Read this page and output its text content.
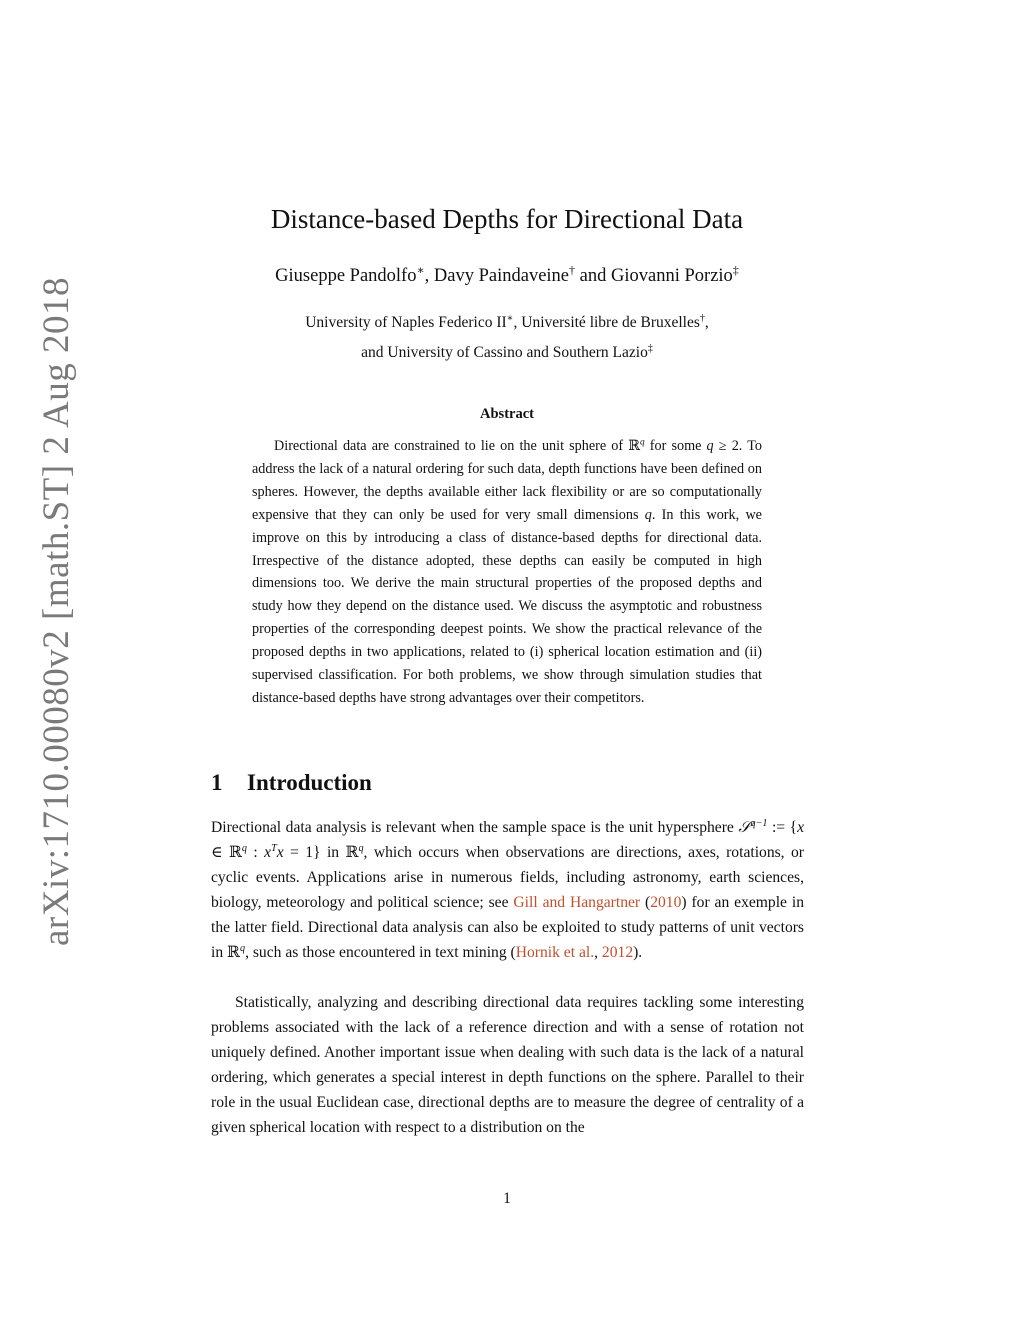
arXiv:1710.00080v2 [math.ST] 2 Aug 2018
Distance-based Depths for Directional Data
Giuseppe Pandolfo∗, Davy Paindaveine† and Giovanni Porzio‡
University of Naples Federico II∗, Université libre de Bruxelles†,
and University of Cassino and Southern Lazio‡
Abstract

Directional data are constrained to lie on the unit sphere of ℝ$^q$ for some q ≥ 2. To address the lack of a natural ordering for such data, depth functions have been defined on spheres. However, the depths available either lack flexibility or are so computationally expensive that they can only be used for very small dimensions q. In this work, we improve on this by introducing a class of distance-based depths for directional data. Irrespective of the distance adopted, these depths can easily be computed in high dimensions too. We derive the main structural properties of the proposed depths and study how they depend on the distance used. We discuss the asymptotic and robustness properties of the corresponding deepest points. We show the practical relevance of the proposed depths in two applications, related to (i) spherical location estimation and (ii) supervised classification. For both problems, we show through simulation studies that distance-based depths have strong advantages over their competitors.

1 Introduction

Directional data analysis is relevant when the sample space is the unit hypersphere 𝒮$^{q-1}$ := {x ∈ ℝ$^q$ : $x^Tx = 1$} in ℝ$^q$, which occurs when observations are directions, axes, rotations, or cyclic events. Applications arise in numerous fields, including astronomy, earth sciences, biology, meteorology and political science; see Gill and Hangartner (2010) for an exemple in the latter field. Directional data analysis can also be exploited to study patterns of unit vectors in ℝ$^q$, such as those encountered in text mining (Hornik et al., 2012).

Statistically, analyzing and describing directional data requires tackling some interesting problems associated with the lack of a reference direction and with a sense of rotation not uniquely defined. Another important issue when dealing with such data is the lack of a natural ordering, which generates a special interest in depth functions on the sphere. Parallel to their role in the usual Euclidean case, directional depths are to measure the degree of centrality of a given spherical location with respect to a distribution on the

1
